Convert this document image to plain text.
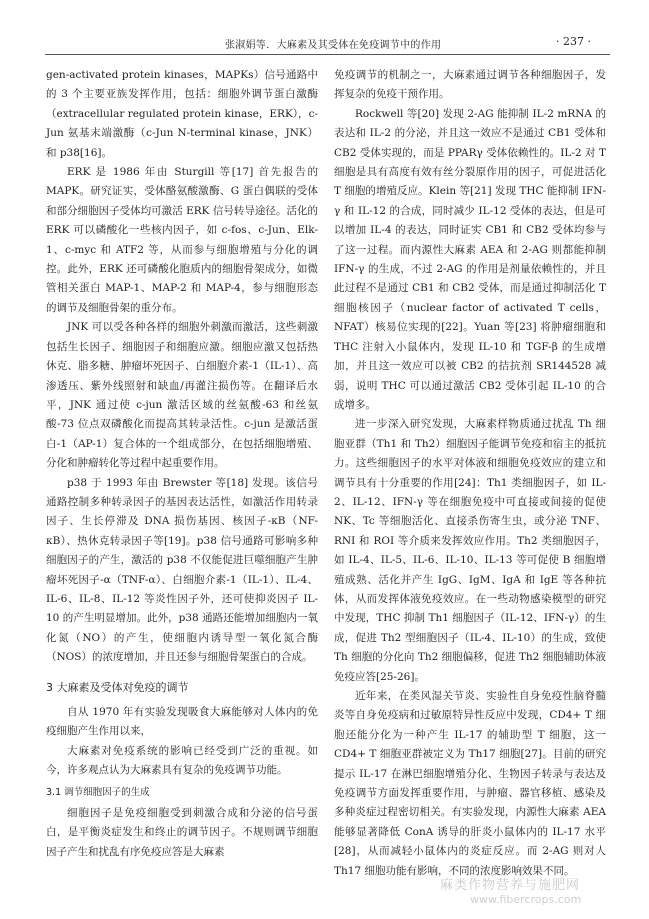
张淑娟等．大麻素及其受体在免疫调节中的作用	· 237 ·

gen-activated protein kinases，MAPKs）信号通路中的 3 个主要亚族发挥作用，包括：细胞外调节蛋白激酶（extracellular regulated protein kinase，ERK），c-Jun 氨基末端激酶（c-Jun N-terminal kinase，JNK）和 p38[16]。

ERK 是 1986 年由 Sturgill 等[17] 首先报告的 MAPK。研究证实，受体酪氨酸激酶、G 蛋白偶联的受体和部分细胞因子受体均可激活 ERK 信号转导途径。活化的 ERK 可以磷酸化一些核内因子，如 c-fos、c-Jun、Elk-1、c-myc 和 ATF2 等，从而参与细胞增殖与分化的调控。此外，ERK 还可磷酸化胞质内的细胞骨架成分，如微管相关蛋白 MAP-1、MAP-2 和 MAP-4，参与细胞形态的调节及细胞骨架的重分布。

JNK 可以受各种各样的细胞外刺激而激活，这些刺激包括生长因子、细胞因子和细胞应激。细胞应激又包括热休克、脂多糖、肿瘤坏死因子、白细胞介素-1（IL-1）、高渗透压、紫外线照射和缺血/再灌注损伤等。在翻译后水平，JNK 通过使 c-jun 激活区域的丝氨酸-63 和丝氨酸-73 位点双磷酸化而提高其转录活性。c-jun 是激活蛋白-1（AP-1）复合体的一个组成部分，在包括细胞增殖、分化和肿瘤转化等过程中起重要作用。

p38 于 1993 年由 Brewster 等[18] 发现。该信号通路控制多种转录因子的基因表达活性，如激活作用转录因子、生长停滞及 DNA 损伤基因、核因子-κB（NF-κB）、热休克转录因子等[19]。p38 信号通路可影响多种细胞因子的产生，激活的 p38 不仅能促进巨噬细胞产生肿瘤坏死因子-α（TNF-α）、白细胞介素-1（IL-1）、IL-4、IL-6、IL-8、IL-12 等炎性因子外，还可使抑炎因子 IL-10 的产生明显增加。此外，p38 通路还能增加细胞内一氧化氮（NO）的产生，使细胞内诱导型一氧化氮合酶（NOS）的浓度增加，并且还参与细胞骨架蛋白的合成。

3 大麻素及受体对免疫的调节

自从 1970 年有实验发现吸食大麻能够对人体内的免疫细胞产生作用以来，

大麻素对免疫系统的影响已经受到广泛的重视。如今，许多观点认为大麻素具有复杂的免疫调节功能。

3.1 调节细胞因子的生成

细胞因子是免疫细胞受到刺激合成和分泌的信号蛋白，是平衡炎症发生和终止的调节因子。不规则调节细胞因子产生和扰乱有序免疫应答是大麻素

免疫调节的机制之一，大麻素通过调节各种细胞因子，发挥复杂的免疫干预作用。

Rockwell 等[20] 发现 2-AG 能抑制 IL-2 mRNA 的表达和 IL-2 的分泌，并且这一效应不是通过 CB1 受体和 CB2 受体实现的，而是 PPARγ 受体依赖性的。IL-2 对 T 细胞是具有高度有效有丝分裂原作用的因子，可促进活化 T 细胞的增殖反应。Klein 等[21] 发现 THC 能抑制 IFN-γ 和 IL-12 的合成，同时减少 IL-12 受体的表达，但是可以增加 IL-4 的表达，同时证实 CB1 和 CB2 受体均参与了这一过程。而内源性大麻素 AEA 和 2-AG 则都能抑制 IFN-γ 的生成，不过 2-AG 的作用是剂量依赖性的，并且此过程不是通过 CB1 和 CB2 受体，而是通过抑制活化 T 细胞核因子（nuclear factor of activated T cells，NFAT）核易位实现的[22]。Yuan 等[23] 将肿瘤细胞和 THC 注射入小鼠体内，发现 IL-10 和 TGF-β 的生成增加，并且这一效应可以被 CB2 的拮抗剂 SR144528 减弱，说明 THC 可以通过激活 CB2 受体引起 IL-10 的合成增多。

进一步深入研究发现，大麻素样物质通过扰乱 Th 细胞亚群（Th1 和 Th2）细胞因子能调节免疫和宿主的抵抗力。这些细胞因子的水平对体液和细胞免疫效应的建立和调节具有十分重要的作用[24]：Th1 类细胞因子，如 IL-2、IL-12、IFN-γ 等在细胞免疫中可直接或间接的促使 NK、Tc 等细胞活化、直接杀伤寄生虫，或分泌 TNF、RNI 和 ROI 等介质来发挥效应作用。Th2 类细胞因子，如 IL-4、IL-5、IL-6、IL-10、IL-13 等可促使 B 细胞增殖成熟、活化并产生 IgG、IgM、IgA 和 IgE 等各种抗体，从而发挥体液免疫效应。在一些动物感染模型的研究中发现，THC 抑制 Th1 细胞因子（IL-12、IFN-γ）的生成，促进 Th2 型细胞因子（IL-4、IL-10）的生成，致使 Th 细胞的分化向 Th2 细胞偏移，促进 Th2 细胞辅助体液免疫应答[25-26]。

近年来，在类风湿关节炎、实验性自身免疫性脑脊髓炎等自身免疫病和过敏原特异性反应中发现，CD4+ T 细胞还能分化为一种产生 IL-17 的辅助型 T 细胞，这一 CD4+ T 细胞亚群被定义为 Th17 细胞[27]。目前的研究提示 IL-17 在淋巴细胞增殖分化、生物因子转录与表达及免疫调节方面发挥重要作用，与肿瘤、器官移植、感染及多种炎症过程密切相关。有实验发现，内源性大麻素 AEA 能够显著降低 ConA 诱导的肝炎小鼠体内的 IL-17 水平[28]，从而减轻小鼠体内的炎症反应。而 2-AG 则对人 Th17 细胞功能有影响，不同的浓度影响效果不同。

麻类作物营养与施肥网
www.fibercrops.com
